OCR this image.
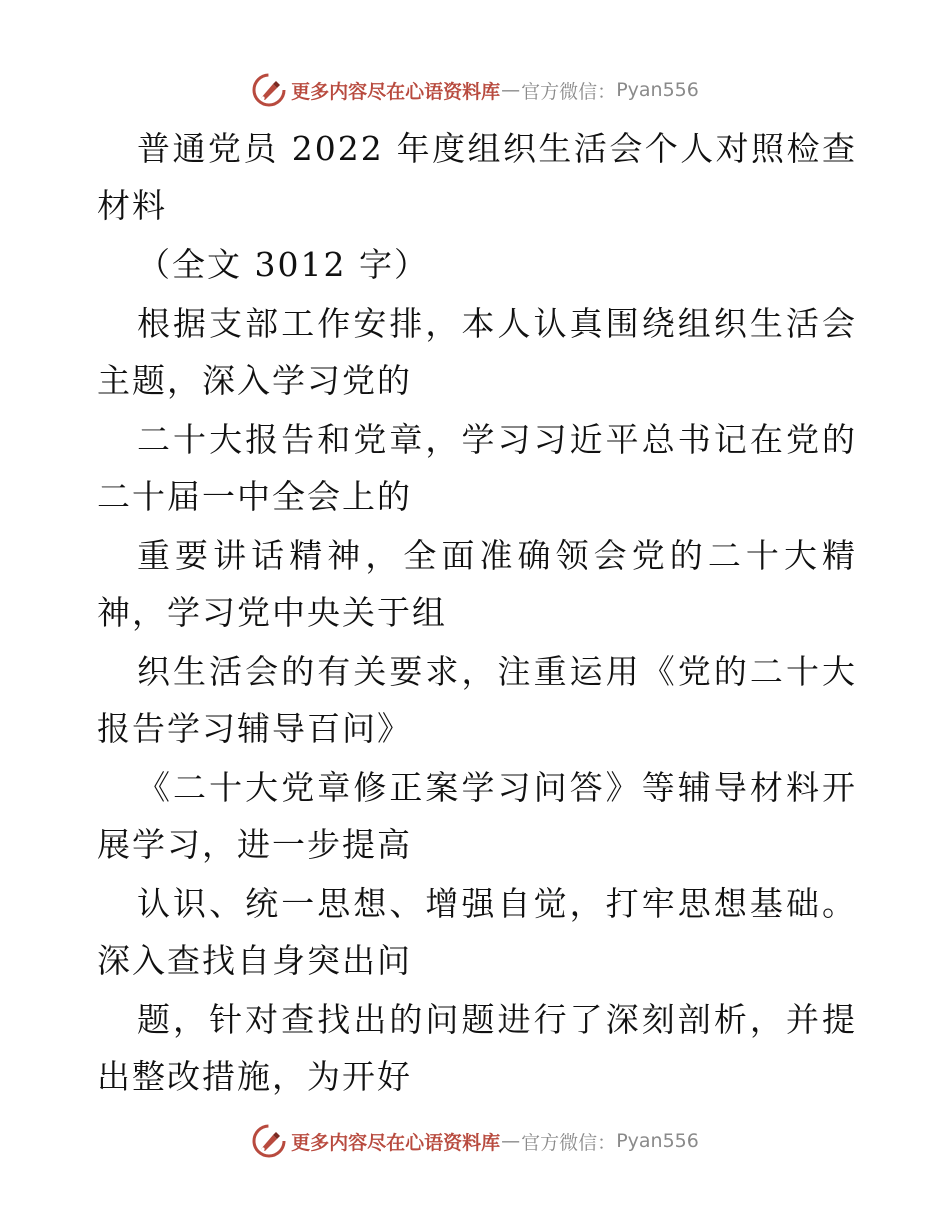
更多内容尽在心语资料库 — 官方微信： Pyan556

普通党员 2022 年度组织生活会个人对照检查材料

（全文 3012 字）

根据支部工作安排，本人认真围绕组织生活会主题，深入学习党的

二十大报告和党章，学习习近平总书记在党的二十届一中全会上的

重要讲话精神，全面准确领会党的二十大精神，学习党中央关于组

织生活会的有关要求，注重运用《党的二十大报告学习辅导百问》

《二十大党章修正案学习问答》等辅导材料开展学习，进一步提高

认识、统一思想、增强自觉，打牢思想基础。深入查找自身突出问

题，针对查找出的问题进行了深刻剖析，并提出整改措施，为开好

更多内容尽在心语资料库 — 官方微信： Pyan556
